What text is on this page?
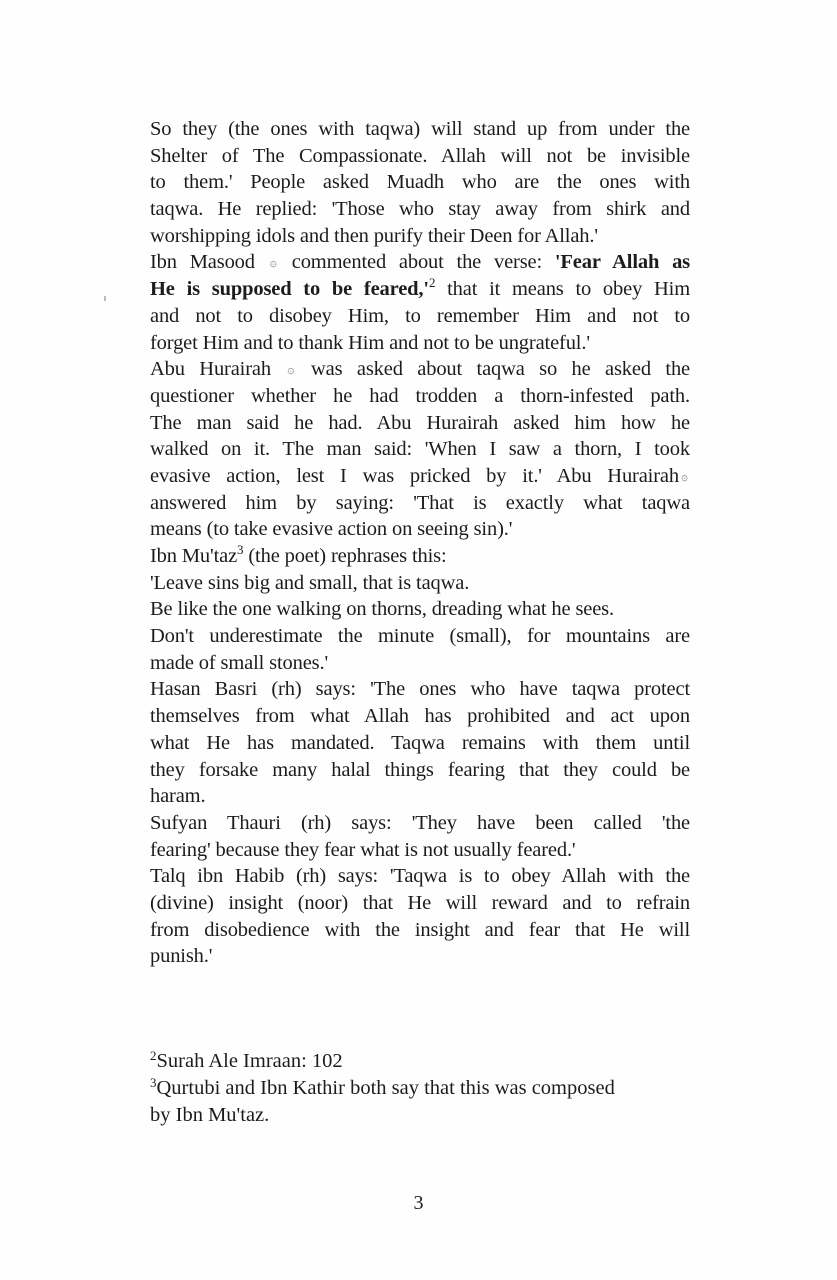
So they (the ones with taqwa) will stand up from under the
Shelter of The Compassionate. Allah will not be invisible
to them.' People asked Muadh who are the ones with
taqwa. He replied: 'Those who stay away from shirk and
worshipping idols and then purify their Deen for Allah.'
Ibn Masood ۞ commented about the verse: 'Fear Allah as
He is supposed to be $feared,'^2$ that it means to obey Him
and not to disobey Him, to remember Him and not to
forget Him and to thank Him and not to be ungrateful.'
Abu Hurairah ۞ was asked about taqwa so he asked the
questioner whether he had trodden a thorn-infested path.
The man said he had. Abu Hurairah asked him how he
walked on it. The man said: 'When I saw a thorn, I took
evasive action, lest I was pricked by it.' Abu Hurairah ۞
answered him by saying: 'That is exactly what taqwa
means (to take evasive action on seeing sin).'
Ibn Mu'taz$^3$ (the poet) rephrases this:
'Leave sins big and small, that is taqwa.
Be like the one walking on thorns, dreading what he sees.
Don't underestimate the minute (small), for mountains are
made of small stones.'
Hasan Basri (rh) says: 'The ones who have taqwa protect
themselves from what Allah has prohibited and act upon
what He has mandated. Taqwa remains with them until
they forsake many halal things fearing that they could be
haram.
Sufyan Thauri (rh) says: 'They have been called 'the
fearing' because they fear what is not usually feared.'
Talq ibn Habib (rh) says: 'Taqwa is to obey Allah with the
(divine) insight (noor) that He will reward and to refrain
from disobedience with the insight and fear that He will
punish.'
$^2$Surah Ale Imraan: 102
$^3$Qurtubi and Ibn Kathir both say that this was composed
by Ibn Mu'taz.
3
